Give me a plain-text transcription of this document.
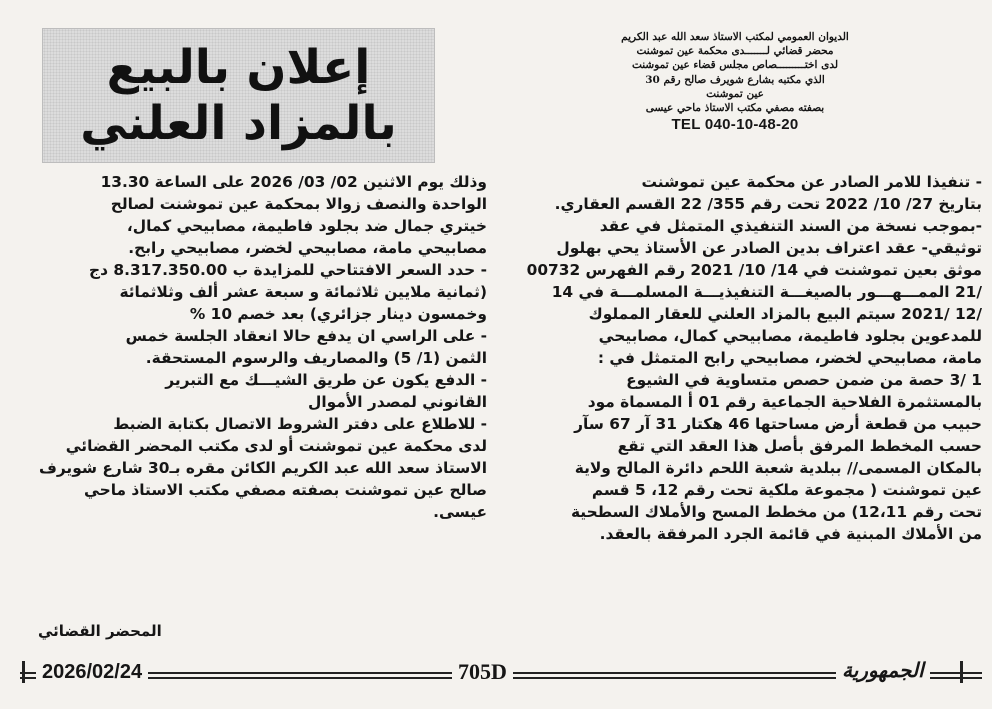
إعلان بالبيع
بالمزاد العلني
الديوان العمومي لمكتب الاستاذ سعد الله عبد الكريم
محضر قضائي لـــــــدى محكمة عين تموشنت
لدى اختـــــــــصاص مجلس قضاء عين تموشنت
الذي مكتبه بشارع شويرف صالح رقم 30
عين تموشنت
بصفته مصفي مكتب الاستاذ ماحي عيسى
TEL 040-10-48-20
- تنفيذا للامر الصادر عن محكمة عين تموشنت
بتاريخ 27/ 10/ 2022 تحت رقم 355/ 22 القسم العقاري.
-بموجب نسخة من السند التنفيذي المتمثل في عقد
توثيقي- عقد اعتراف بدين الصادر عن الأستاذ يحي بهلول
موثق بعين تموشنت في 14/ 10/ 2021 رقم الفهرس 00732
/21 الممـــهـــور بالصيغـــة التنفيذيـــة المسلمـــة في 14
/12 /2021 سيتم البيع بالمزاد العلني للعقار المملوك
للمدعوين بجلود فاطيمة، مصابيحي كمال، مصابيحي
مامة، مصابيحي لخضر، مصابيحي رابح المتمثل في :
1 /3 حصة من ضمن حصص متساوية في الشيوع
بالمستثمرة الفلاحية الجماعية رقم 01 أ المسماة مود
حبيب من قطعة أرض مساحتها 46 هكتار 31 آر 67 سآر
حسب المخطط المرفق بأصل هذا العقد التي تقع
بالمكان المسمى// ببلدية شعبة اللحم دائرة المالح ولاية
عين تموشنت ( مجموعة ملكية تحت رقم 12، 5 قسم
تحت رقم 12،11) من مخطط المسح والأملاك السطحية
من الأملاك المبنية في قائمة الجرد المرفقة بالعقد.
وذلك يوم الاثنين 02/ 03/ 2026 على الساعة 13.30
الواحدة والنصف زوالا بمحكمة عين تموشنت لصالح
خيتري جمال ضد بجلود فاطيمة، مصابيحي كمال،
مصابيحي مامة، مصابيحي لخضر، مصابيحي رابح.
- حدد السعر الافتتاحي للمزايدة ب 8.317.350.00 دج
(ثمانية ملايين ثلاثمائة و سبعة عشر ألف وثلاثمائة
وخمسون دينار جزائري) بعد خصم 10 %
- على الراسي ان يدفع حالا انعقاد الجلسة خمس
الثمن (1/ 5) والمصاريف والرسوم المستحقة.
- الدفع يكون عن طريق الشيـــك مع التبرير
القانوني لمصدر الأموال
- للاطلاع على دفتر الشروط الاتصال بكتابة الضبط
لدى محكمة عين تموشنت أو لدى مكتب المحضر القضائي
الاستاذ سعد الله عبد الكريم الكائن مقره بـ30 شارع شويرف
صالح عين تموشنت بصفته مصفي مكتب الاستاذ ماحي
عيسى.
المحضر القضائي
2026/02/24	705D	الجمهورية
